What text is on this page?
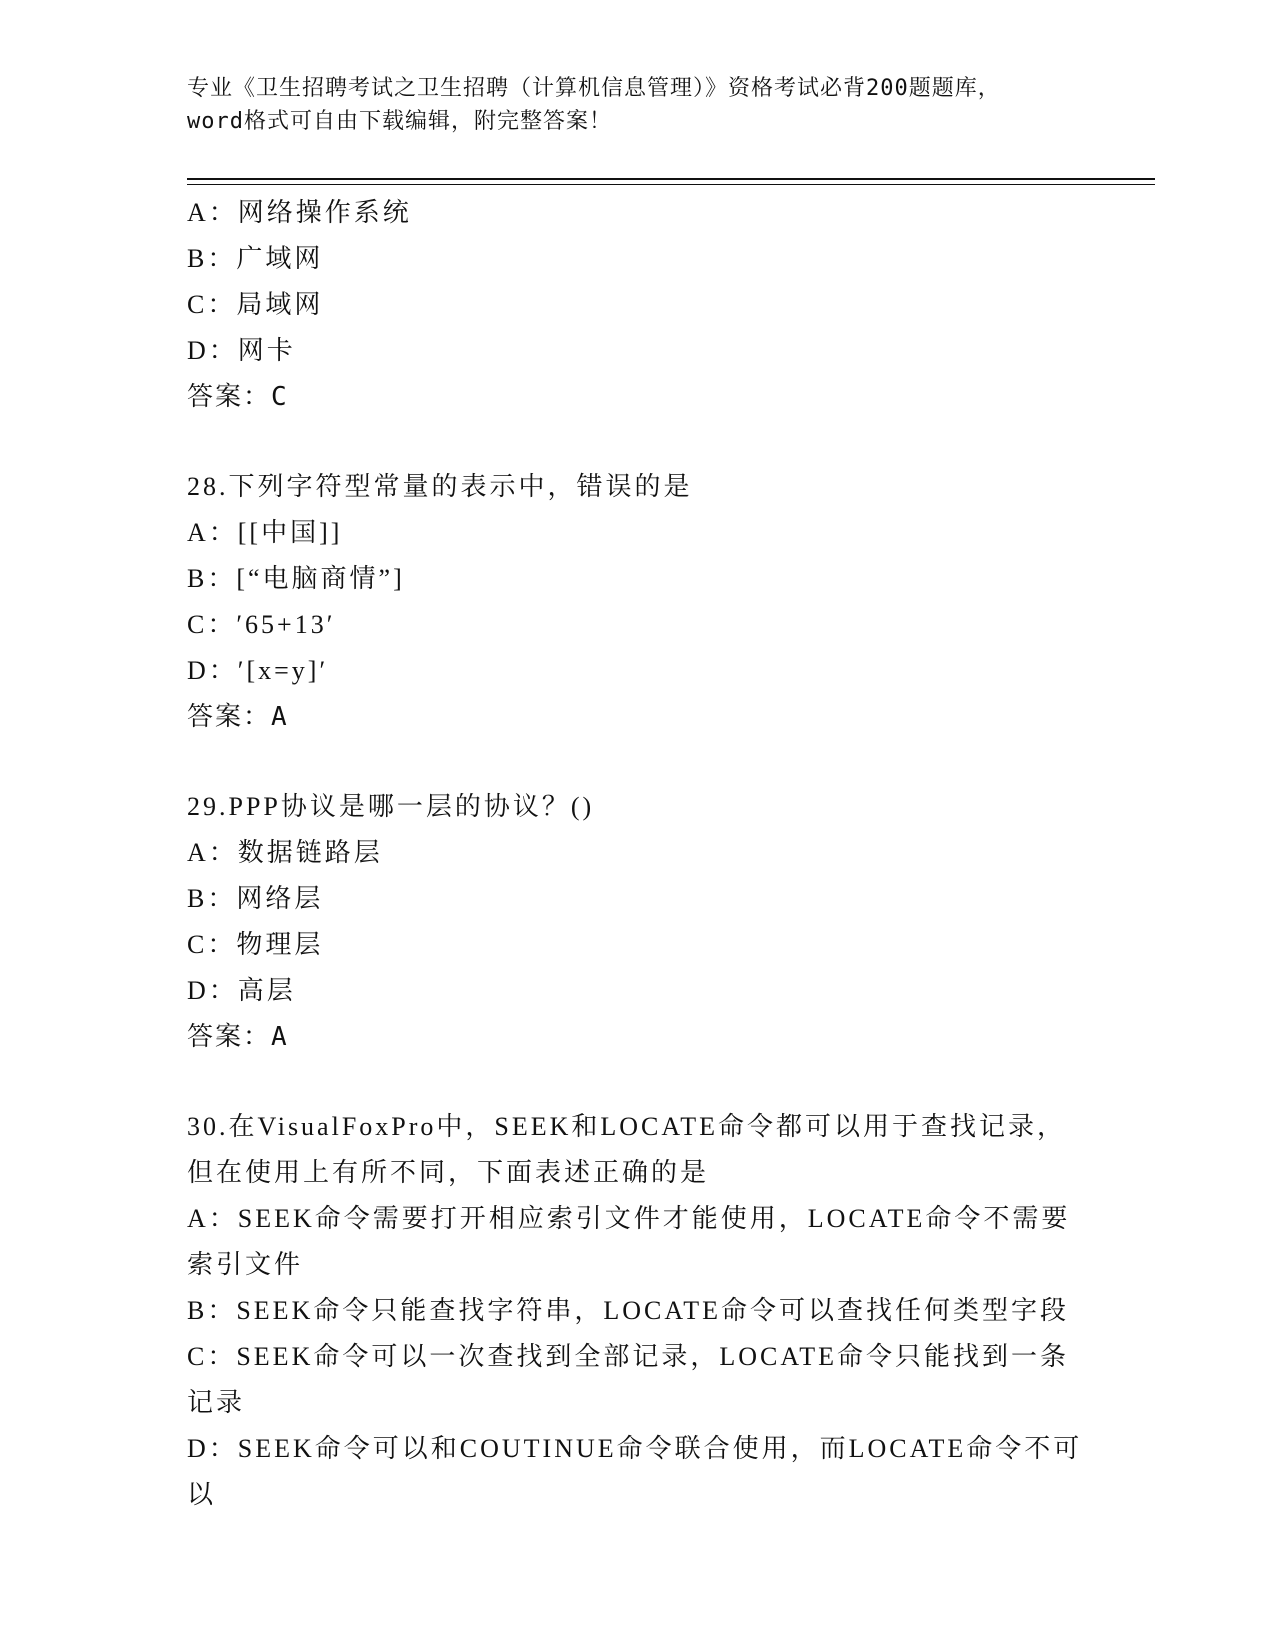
专业《卫生招聘考试之卫生招聘（计算机信息管理）》资格考试必背200题题库，
word格式可自由下载编辑，附完整答案！
A：网络操作系统
B：广域网
C：局域网
D：网卡
答案：C
28.下列字符型常量的表示中，错误的是
A：[[中国]]
B：[“电脑商情”]
C：′65+13′
D：′[x=y]′
答案：A
29.PPP协议是哪一层的协议？()
A：数据链路层
B：网络层
C：物理层
D：高层
答案：A
30.在VisualFoxPro中，SEEK和LOCATE命令都可以用于查找记录，但在使用上有所不同，下面表述正确的是
A：SEEK命令需要打开相应索引文件才能使用，LOCATE命令不需要索引文件
B：SEEK命令只能查找字符串，LOCATE命令可以查找任何类型字段
C：SEEK命令可以一次查找到全部记录，LOCATE命令只能找到一条记录
D：SEEK命令可以和COUTINUE命令联合使用，而LOCATE命令不可以
